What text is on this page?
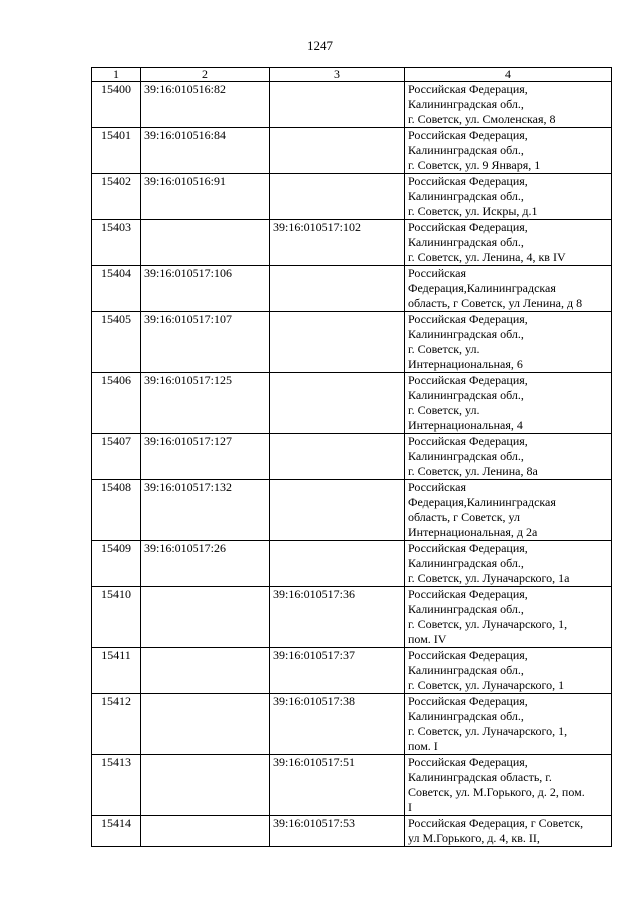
1247
1	2	3	4
15400	39:16:010516:82		Российская Федерация,
Калининградская обл.,
г. Советск, ул. Смоленская, 8

15401	39:16:010516:84		Российская Федерация,
Калининградская обл.,
г. Советск, ул. 9 Января, 1

15402	39:16:010516:91		Российская Федерация,
Калининградская обл.,
г. Советск, ул. Искры, д.1

15403		39:16:010517:102	Российская Федерация,
Калининградская обл.,
г. Советск, ул. Ленина, 4, кв IV

15404	39:16:010517:106		Российская
Федерация,Калининградская
область, г Советск, ул Ленина, д 8

15405	39:16:010517:107		Российская Федерация,
Калининградская обл.,
г. Советск, ул.
Интернациональная, 6

15406	39:16:010517:125		Российская Федерация,
Калининградская обл.,
г. Советск, ул.
Интернациональная, 4

15407	39:16:010517:127		Российская Федерация,
Калининградская обл.,
г. Советск, ул. Ленина, 8а

15408	39:16:010517:132		Российская
Федерация,Калининградская
область, г Советск, ул
Интернациональная, д 2а

15409	39:16:010517:26		Российская Федерация,
Калининградская обл.,
г. Советск, ул. Луначарского, 1а

15410		39:16:010517:36	Российская Федерация,
Калининградская обл.,
г. Советск, ул. Луначарского, 1,
пом. IV

15411		39:16:010517:37	Российская Федерация,
Калининградская обл.,
г. Советск, ул. Луначарского, 1

15412		39:16:010517:38	Российская Федерация,
Калининградская обл.,
г. Советск, ул. Луначарского, 1,
пом. I

15413		39:16:010517:51	Российская Федерация,
Калининградская область, г.
Советск, ул. М.Горького, д. 2, пом.
I

15414		39:16:010517:53	Российская Федерация, г Советск,
ул М.Горького, д. 4, кв. II,
